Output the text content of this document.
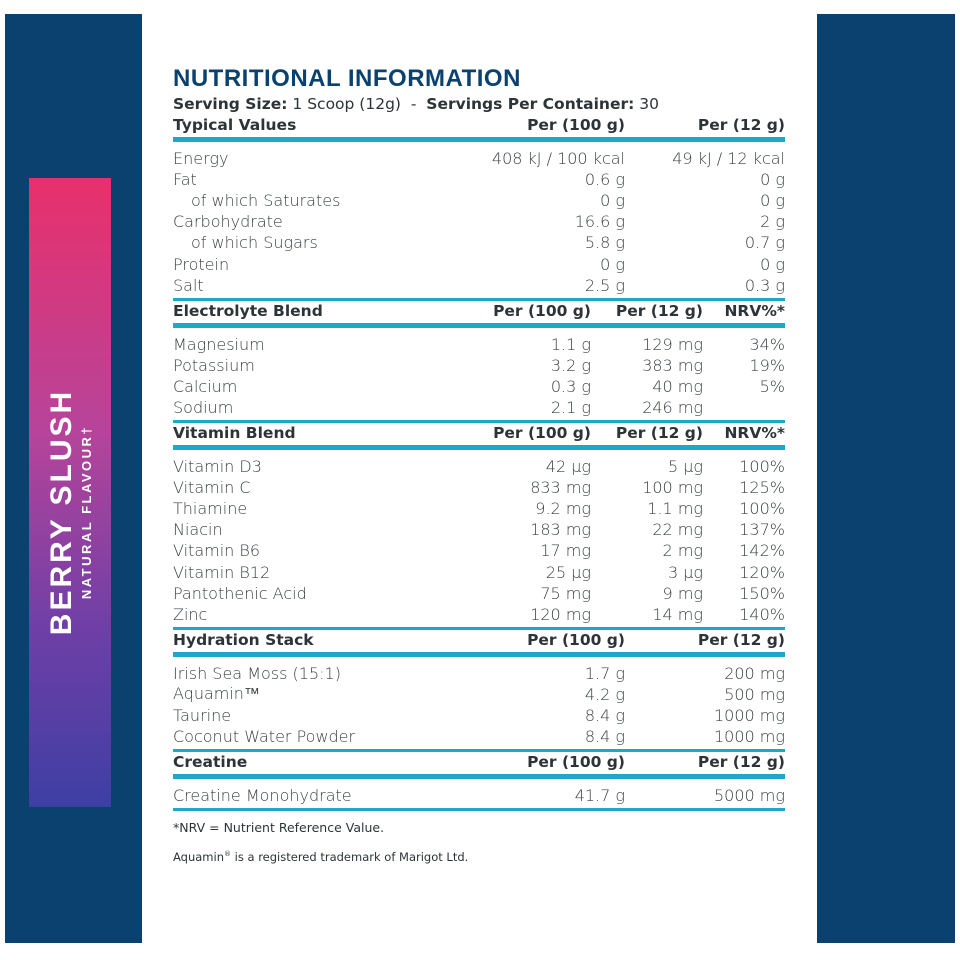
BERRY SLUSH NATURAL FLAVOUR†
NUTRITIONAL INFORMATION
Serving Size: 1 Scoop (12g) - Servings Per Container: 30
Typical Values	Per (100 g)	Per (12 g)
Energy	408 kJ / 100 kcal	49 kJ / 12 kcal
Fat	0.6 g	0 g
of which Saturates	0 g	0 g
Carbohydrate	16.6 g	2 g
of which Sugars	5.8 g	0.7 g
Protein	0 g	0 g
Salt	2.5 g	0.3 g
Electrolyte Blend	Per (100 g)	Per (12 g)	NRV%*
Magnesium	1.1 g	129 mg	34%
Potassium	3.2 g	383 mg	19%
Calcium	0.3 g	40 mg	5%
Sodium	2.1 g	246 mg
Vitamin Blend	Per (100 g)	Per (12 g)	NRV%*
Vitamin D3	42 µg	5 µg	100%
Vitamin C	833 mg	100 mg	125%
Thiamine	9.2 mg	1.1 mg	100%
Niacin	183 mg	22 mg	137%
Vitamin B6	17 mg	2 mg	142%
Vitamin B12	25 µg	3 µg	120%
Pantothenic Acid	75 mg	9 mg	150%
Zinc	120 mg	14 mg	140%
Hydration Stack	Per (100 g)	Per (12 g)
Irish Sea Moss (15:1)	1.7 g	200 mg
Aquamin™	4.2 g	500 mg
Taurine	8.4 g	1000 mg
Coconut Water Powder	8.4 g	1000 mg
Creatine	Per (100 g)	Per (12 g)
Creatine Monohydrate	41.7 g	5000 mg
*NRV = Nutrient Reference Value.
Aquamin® is a registered trademark of Marigot Ltd.
